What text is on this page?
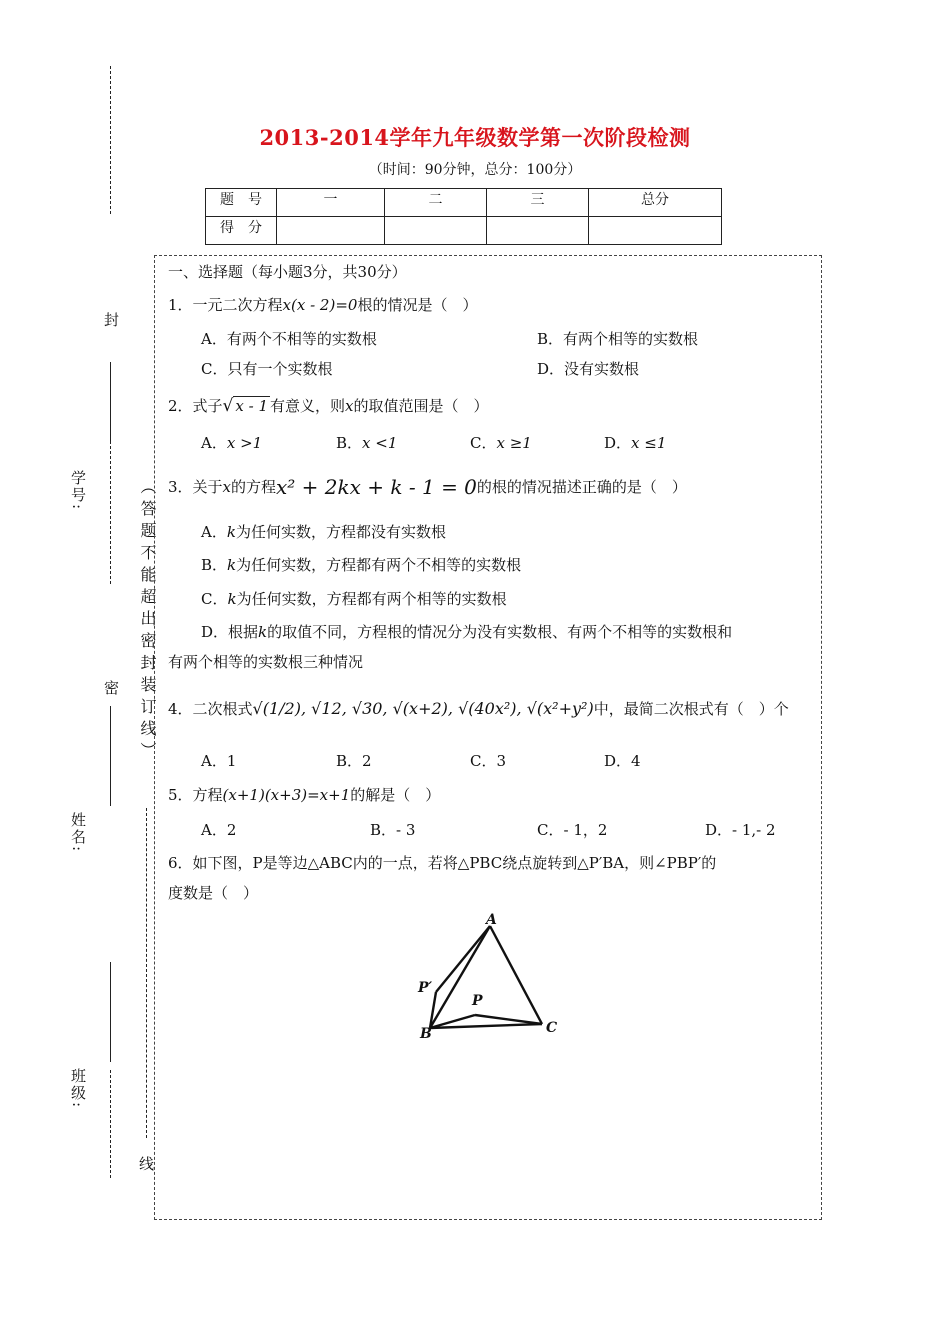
2013-2014学年九年级数学第一次阶段检测
（时间：90分钟，总分：100分）
题　号	一	二	三	总分
得　分				
封
学号:
密
姓名:
班级:
（答题不能超出密封装订线）
线
一、选择题（每小题3分，共30分）
1．一元二次方程x(x - 2)=0根的情况是（　）
A．有两个不相等的实数根	B．有两个相等的实数根
C．只有一个实数根	D．没有实数根
2．式子√ x - 1 有意义，则x的取值范围是（　）
A．x >1	B．x <1	C．x ≥1	D．x ≤1
3．关于x的方程x² + 2kx + k - 1 = 0的根的情况描述正确的是（　）
A．k为任何实数，方程都没有实数根
B．k为任何实数，方程都有两个不相等的实数根
C．k为任何实数，方程都有两个相等的实数根
D．根据k的取值不同，方程根的情况分为没有实数根、有两个不相等的实数根和
有两个相等的实数根三种情况
4．二次根式√(1/2), √12, √30, √(x+2), √(40x²), √(x²+y²)中，最简二次根式有（　）个
A．1	B．2	C．3	D．4
5．方程(x+1)(x+3)=x+1的解是（　）
A．2	B．- 3	C．- 1，2	D．- 1,- 2
6．如下图，P是等边△ABC内的一点，若将△PBC绕点旋转到△P′BA，则∠PBP′的
度数是（　）
A
B	C
P
P′
